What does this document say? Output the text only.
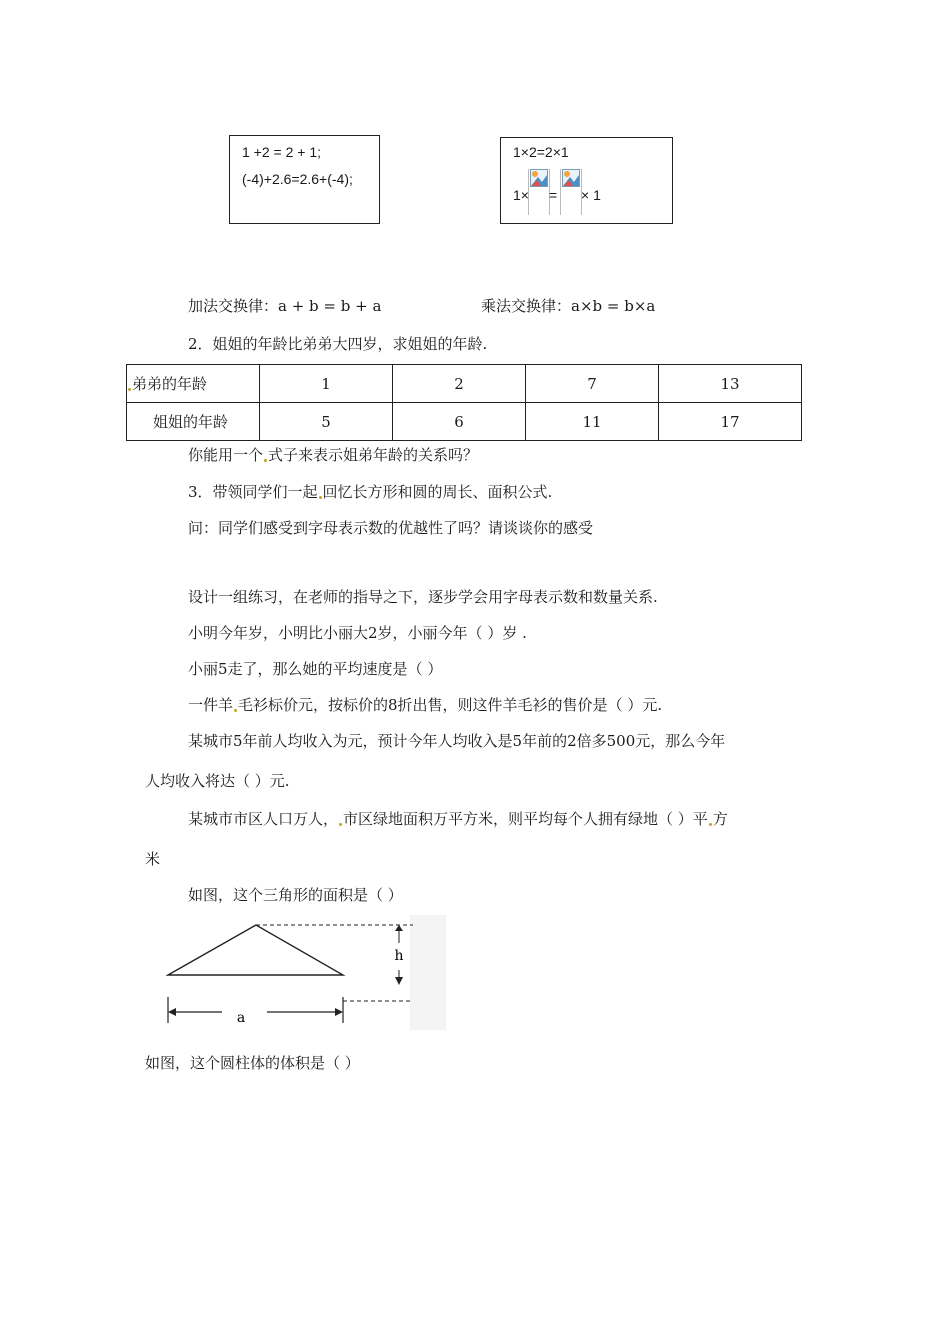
1 +2 = 2 + 1;
(-4)+2.6=2.6+(-4);
1×2=2×1
1× = × 1
加法交换律：a + b = b + a	乘法交换律：a×b = b×a
2．姐姐的年龄比弟弟大四岁，求姐姐的年龄.
弟弟的年龄	1	2	7	13
姐姐的年龄	5	6	11	17
你能用一个 式子来表示姐弟年龄的关系吗？
3．带领同学们一起 回忆长方形和圆的周长、面积公式.
问：同学们感受到字母表示数的优越性了吗？请谈谈你的感受
设计一组练习，在老师的指导之下，逐步学会用字母表示数和数量关系.
小明今年岁，小明比小丽大2岁，小丽今年（ ）岁 .
小丽5走了，那么她的平均速度是（ ）
一件羊 毛衫标价元，按标价的8折出售，则这件羊毛衫的售价是（ ）元.
某城市5年前人均收入为元，预计今年人均收入是5年前的2倍多500元，那么今年
人均收入将达（ ）元.
某城市市区人口万人， 市区绿地面积万平方米，则平均每个人拥有绿地（ ）平 方
米
如图，这个三角形的面积是（ ）
h
a
如图，这个圆柱体的体积是（ ）
